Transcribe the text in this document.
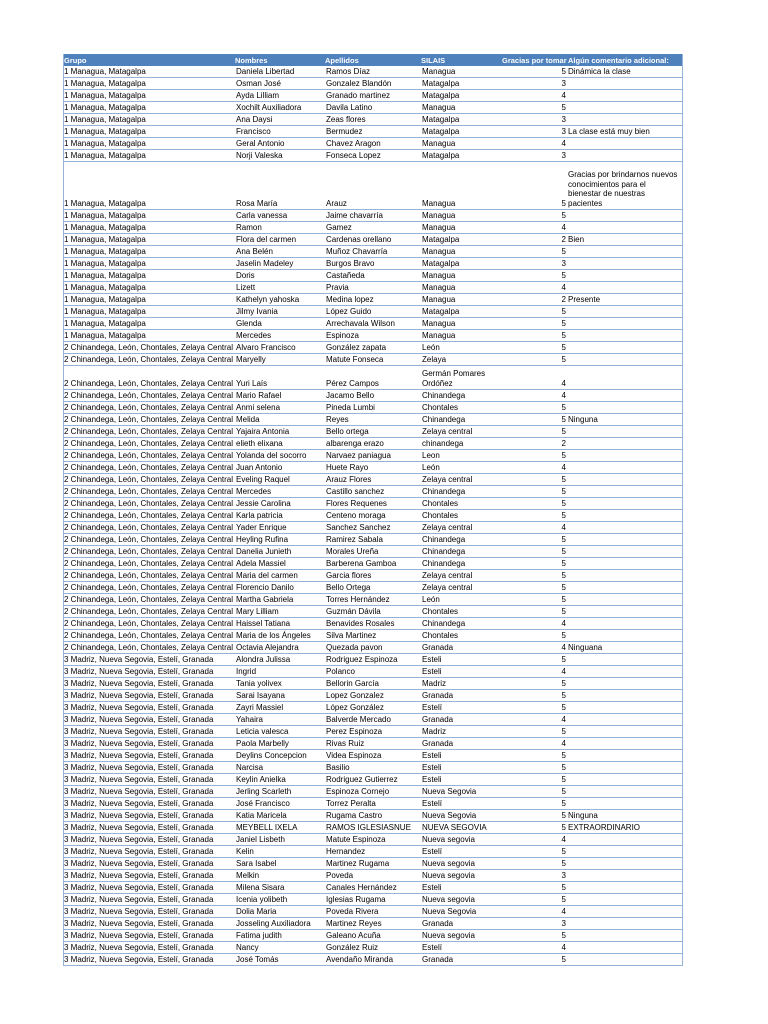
Grupo	Nombres	Apellidos	SILAIS	Gracias por tomar	Algún comentario adicional:
1 Managua, Matagalpa	Daniela Libertad	Ramos Díaz	Managua	5	Dinámica la clase
1 Managua, Matagalpa	Osman José	Gonzalez Blandón	Matagalpa	3	
1 Managua, Matagalpa	Ayda Lilliam	Granado martinez	Matagalpa	4	
1 Managua, Matagalpa	Xochilt Auxiliadora	Davila Latino	Managua	5	
1 Managua, Matagalpa	Ana Daysi	Zeas flores	Matagalpa	3	
1 Managua, Matagalpa	Francisco	Bermudez	Matagalpa	3	La clase está muy bien
1 Managua, Matagalpa	Geral Antonio	Chavez Aragon	Managua	4	
1 Managua, Matagalpa	Norji Valeska	Fonseca Lopez	Matagalpa	3	
1 Managua, Matagalpa	Rosa María	Arauz	Managua	5	Gracias por brindarnos nuevos conocimientos para el bienestar de nuestras pacientes
1 Managua, Matagalpa	Carla vanessa	Jaime chavarría	Managua	5	
1 Managua, Matagalpa	Ramon	Gamez	Managua	4	
1 Managua, Matagalpa	Flora del carmen	Cardenas orellano	Matagalpa	2	Bien
1 Managua, Matagalpa	Ana Belén	Muñoz Chavarría	Managua	5	
1 Managua, Matagalpa	Jaselin Madeley	Burgos Bravo	Matagalpa	3	
1 Managua, Matagalpa	Doris	Castañeda	Managua	5	
1 Managua, Matagalpa	Lizett	Pravia	Managua	4	
1 Managua, Matagalpa	Kathelyn yahoska	Medina lopez	Managua	2	Presente
1 Managua, Matagalpa	Jilmy Ivania	López Guido	Matagalpa	5	
1 Managua, Matagalpa	Glenda	Arrechavala Wilson	Managua	5	
1 Managua, Matagalpa	Mercedes	Espinoza	Managua	5	
2 Chinandega, León, Chontales, Zelaya Central	Alvaro Francisco	González zapata	León	5	
2 Chinandega, León, Chontales, Zelaya Central	Maryelly	Matute Fonseca	Zelaya	5	
2 Chinandega, León, Chontales, Zelaya Central	Yuri Laís	Pérez Campos	Germán Pomares Ordóñez	4	
2 Chinandega, León, Chontales, Zelaya Central	Mario Rafael	Jacamo Bello	Chinandega	4	
2 Chinandega, León, Chontales, Zelaya Central	Anmi selena	Pineda Lumbi	Chontales	5	
2 Chinandega, León, Chontales, Zelaya Central	Melida	Reyes	Chinandega	5	Ninguna
2 Chinandega, León, Chontales, Zelaya Central	Yajaira Antonia	Bello ortega	Zelaya central	5	
2 Chinandega, León, Chontales, Zelaya Central	elieth elixana	albarenga erazo	chinandega	2	
2 Chinandega, León, Chontales, Zelaya Central	Yolanda del socorro	Narvaez paniagua	Leon	5	
2 Chinandega, León, Chontales, Zelaya Central	Juan Antonio	Huete Rayo	León	4	
2 Chinandega, León, Chontales, Zelaya Central	Eveling Raquel	Arauz Flores	Zelaya central	5	
2 Chinandega, León, Chontales, Zelaya Central	Mercedes	Castillo sanchez	Chinandega	5	
2 Chinandega, León, Chontales, Zelaya Central	Jessie Carolina	Flores Requenes	Chontales	5	
2 Chinandega, León, Chontales, Zelaya Central	Karla patricia	Centeno moraga	Chontales	5	
2 Chinandega, León, Chontales, Zelaya Central	Yader Enrique	Sanchez Sanchez	Zelaya central	4	
2 Chinandega, León, Chontales, Zelaya Central	Heyling Rufina	Ramirez Sabala	Chinandega	5	
2 Chinandega, León, Chontales, Zelaya Central	Danelia Junieth	Morales Ureña	Chinandega	5	
2 Chinandega, León, Chontales, Zelaya Central	Adela Massiel	Barberena Gamboa	Chinandega	5	
2 Chinandega, León, Chontales, Zelaya Central	Maria del carmen	Garcia flores	Zelaya central	5	
2 Chinandega, León, Chontales, Zelaya Central	Florencio Danilo	Bello Ortega	Zelaya central	5	
2 Chinandega, León, Chontales, Zelaya Central	Martha Gabriela	Torres Hernández	León	5	
2 Chinandega, León, Chontales, Zelaya Central	Mary Lilliam	Guzmán Dávila	Chontales	5	
2 Chinandega, León, Chontales, Zelaya Central	Haissel Tatiana	Benavides Rosales	Chinandega	4	
2 Chinandega, León, Chontales, Zelaya Central	Maria de los Ángeles	Silva Martinez	Chontales	5	
2 Chinandega, León, Chontales, Zelaya Central	Octavia Alejandra	Quezada pavon	Granada	4	Ninguana
3 Madriz, Nueva Segovia, Estelí, Granada	Alondra Julissa	Rodriguez Espinoza	Esteli	5	
3 Madriz, Nueva Segovia, Estelí, Granada	Ingrid	Polanco	Esteli	4	
3 Madriz, Nueva Segovia, Estelí, Granada	Tania yolivex	Bellorin García	Madriz	5	
3 Madriz, Nueva Segovia, Estelí, Granada	Sarai Isayana	Lopez Gonzalez	Granada	5	
3 Madriz, Nueva Segovia, Estelí, Granada	Zayri Massiel	López González	Estelí	5	
3 Madriz, Nueva Segovia, Estelí, Granada	Yahaira	Balverde Mercado	Granada	4	
3 Madriz, Nueva Segovia, Estelí, Granada	Leticia valesca	Perez Espinoza	Madriz	5	
3 Madriz, Nueva Segovia, Estelí, Granada	Paola Marbelly	Rivas Ruiz	Granada	4	
3 Madriz, Nueva Segovia, Estelí, Granada	Deylins Concepcion	Videa Espinoza	Esteli	5	
3 Madriz, Nueva Segovia, Estelí, Granada	Narcisa	Basilio	Esteli	5	
3 Madriz, Nueva Segovia, Estelí, Granada	Keylin Anielka	Rodriguez Gutierrez	Esteli	5	
3 Madriz, Nueva Segovia, Estelí, Granada	Jerling Scarleth	Espinoza Cornejo	Nueva Segovia	5	
3 Madriz, Nueva Segovia, Estelí, Granada	José Francisco	Torrez Peralta	Estelí	5	
3 Madriz, Nueva Segovia, Estelí, Granada	Katia Maricela	Rugama Castro	Nueva Segovia	5	Ninguna
3 Madriz, Nueva Segovia, Estelí, Granada	MEYBELL IXELA	RAMOS IGLESIASNUE	NUEVA SEGOVIA	5	EXTRAORDINARIO
3 Madriz, Nueva Segovia, Estelí, Granada	Janiel Lisbeth	Matute Espinoza	Nueva segovia	4	
3 Madriz, Nueva Segovia, Estelí, Granada	Kelin	Hernandez	Estelí	5	
3 Madriz, Nueva Segovia, Estelí, Granada	Sara Isabel	Martinez Rugama	Nueva segovia	5	
3 Madriz, Nueva Segovia, Estelí, Granada	Melkin	Poveda	Nueva segovia	3	
3 Madriz, Nueva Segovia, Estelí, Granada	Milena Sisara	Canales Hernández	Esteli	5	
3 Madriz, Nueva Segovia, Estelí, Granada	Icenia yolibeth	Iglesias Rugama	Nueva segovia	5	
3 Madriz, Nueva Segovia, Estelí, Granada	Dolia Maria	Poveda Rivera	Nueva Segovia	4	
3 Madriz, Nueva Segovia, Estelí, Granada	Josseling Auxiliadora	Martinez Reyes	Granada	3	
3 Madriz, Nueva Segovia, Estelí, Granada	Fatima judith	Galeano Acuña	Nueva segovia	5	
3 Madriz, Nueva Segovia, Estelí, Granada	Nancy	González Ruiz	Estelí	4	
3 Madriz, Nueva Segovia, Estelí, Granada	José Tomás	Avendaño Miranda	Granada	5	
